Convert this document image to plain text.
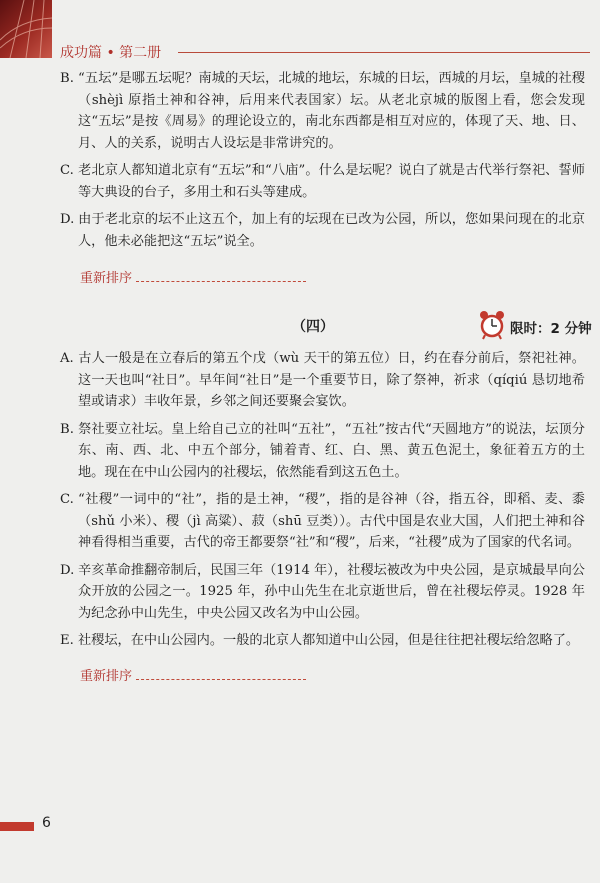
成功篇 • 第二册

B. “五坛”是哪五坛呢？南城的天坛，北城的地坛，东城的日坛，西城的月坛，皇城的社稷（shèjì 原指土神和谷神，后用来代表国家）坛。从老北京城的版图上看，您会发现这“五坛”是按《周易》的理论设立的，南北东西都是相互对应的，体现了天、地、日、月、人的关系，说明古人设坛是非常讲究的。

C. 老北京人都知道北京有“五坛”和“八庙”。什么是坛呢？说白了就是古代举行祭祀、誓师等大典设的台子，多用土和石头等建成。

D. 由于老北京的坛不止这五个，加上有的坛现在已改为公园，所以，您如果问现在的北京人，他未必能把这“五坛”说全。

重新排序
（四）	限时：2 分钟

A. 古人一般是在立春后的第五个戊（wù 天干的第五位）日，约在春分前后，祭祀社神。这一天也叫“社日”。早年间“社日”是一个重要节日，除了祭神，祈求（qíqiú 恳切地希望或请求）丰收年景，乡邻之间还要聚会宴饮。

B. 祭社要立社坛。皇上给自己立的社叫“五社”，“五社”按古代“天圆地方”的说法，坛顶分东、南、西、北、中五个部分，铺着青、红、白、黑、黄五色泥土，象征着五方的土地。现在在中山公园内的社稷坛，依然能看到这五色土。

C. “社稷”一词中的“社”，指的是土神，“稷”，指的是谷神（谷，指五谷，即稻、麦、黍（shǔ 小米）、稷（jì 高粱）、菽（shū 豆类））。古代中国是农业大国，人们把土神和谷神看得相当重要，古代的帝王都要祭“社”和“稷”，后来，“社稷”成为了国家的代名词。

D. 辛亥革命推翻帝制后，民国三年（1914 年），社稷坛被改为中央公园，是京城最早向公众开放的公园之一。1925 年，孙中山先生在北京逝世后，曾在社稷坛停灵。1928 年为纪念孙中山先生，中央公园又改名为中山公园。

E. 社稷坛，在中山公园内。一般的北京人都知道中山公园，但是往往把社稷坛给忽略了。

重新排序
6
